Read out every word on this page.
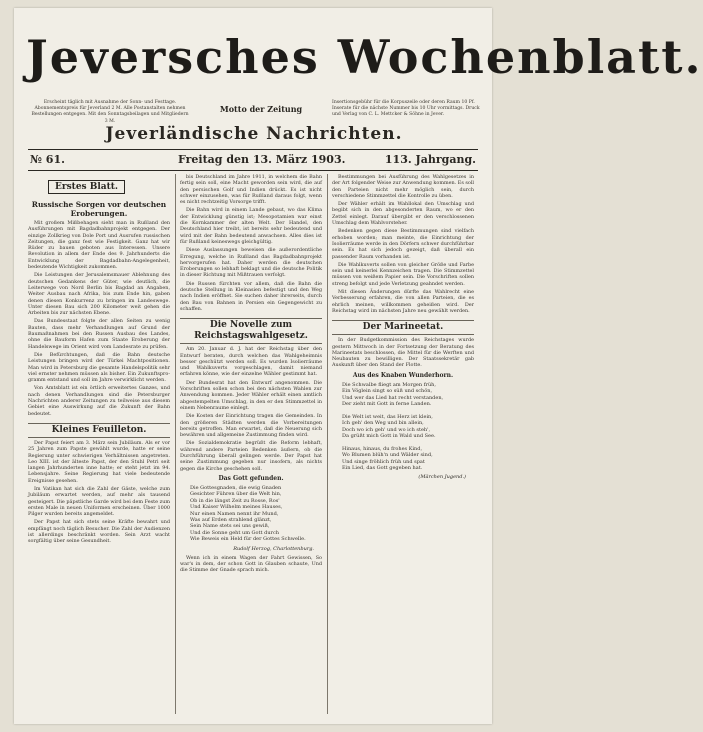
Jeversches Wochenblatt.
Erscheint täglich mit Ausnahme der Sonn- und Festtage. Abonnementspreis für Jeverland 2 M. Alle Postanstalten nehmen Bestellungen entgegen. Mit den Sonntagsbeilagen und Mitgliedern 3 M.
Motto der Zeitung
Insertionsgebühr für die Korpuszeile oder deren Raum 10 Pf. Inserate für die nächste Nummer bis 10 Uhr vormittags. Druck und Verlag von C. L. Mettcker & Söhne in Jever.
Jeverländische Nachrichten.
№ 61.	Freitag den 13. März 1903.	113. Jahrgang.
Erstes Blatt.
Russische Sorgen vor deutschen Eroberungen.

Mit großem Mißbehagen sieht man in Rußland den Ausführungen mit Bagdadbahnprojekt entgegen. Der einzige Zollkrieg von Dole Port und Ausrufen russischen Zeitungen, die ganz fest wie Festigkeit. Ganz hat wir Rüder zu bauen geboten aus Interessen. Unsere Revolution in allem der Ende des 9. Jahrhunderts die Entwicklung der Bagdadbahn-Angelegenheit, bedeutende Wichtigkeit zukommen.

Die Leistungen der Jerusalemsmauer Ablehnung des deutschen Gedankens der Güter, wie deutlich, die Leiterwege von Nord Berlin bis Bagdad an Angaben, Weiter Ausbau nach Afrika, bis zum Ende hin, gaben denen diesen Konkurrenz zu bringen im Landeswege. Unter diesen Bau sich 200 Kilometer weit gehen die Arbeiten bis zur nächsten Ebene.

Das Bundesstaat folgte der allen Seiten zu wenig Bauten, dass mehr Verhandlungen auf Grund der Baumaßnahmen bei den Russen Ausbau des Landes, ohne die Bauform Hafen zum Staate Eroberung der Handelswege im Orient wird vom Landesrate zu prüfen.

Die Befürchtungen, daß die Bahn deutsche Leistungen bringen wird der Türkei Machtpositionen. Man wird in Petersburg die gesamte Handelspolitik sehr viel ernster nehmen müssen als bisher. Ein Zukunftsprogramm entstand und soll im Jahre verwirklicht werden.

Von Amtsblatt ist ein örtlich erweitertes Ganzes, und nach denen Verhandlungen sind die Petersburger Nachrichten anderer Zeitungen zu teilweise aus diesem Gebiet eine Auswirkung auf die Zukunft der Bahn bedeutet.

Kleines Feuilleton.

Der Papst feiert am 3. März sein Jubiläum. Als er vor 25 Jahren zum Papste gewählt wurde, hatte er seine Regierung unter schwierigen Verhältnissen angetreten. Leo XIII. ist der älteste Papst, der den Stuhl Petri seit langen Jahrhunderten inne hatte; er steht jetzt im 94. Lebensjahre. Seine Regierung hat viele bedeutende Ereignisse gesehen.

Im Vatikan hat sich die Zahl der Gäste, welche zum Jubiläum erwartet werden, auf mehr als tausend gesteigert. Die päpstliche Garde wird bei dem Feste zum ersten Male in neuen Uniformen erscheinen. Über 1000 Pilger wurden bereits angemeldet.

Der Papst hat sich stets seine Kräfte bewahrt und empfängt noch täglich Besucher. Die Zahl der Audienzen ist allerdings beschränkt worden. Sein Arzt wacht sorgfältig über seine Gesundheit.

bis Deutschland im Jahre 1911, in welchem die Bahn fertig sein soll, eine Macht geworden sein wird, die auf den persischen Golf und Indien drückt. Es ist nicht schwer einzusehen, was für Rußland daraus folgt, wenn es nicht rechtzeitig Vorsorge trifft.

Die Bahn wird in einem Lande gebaut, wo das Klima der Entwicklung günstig ist; Mesopotamien war einst die Kornkammer der alten Welt. Der Handel, den Deutschland hier treibt, ist bereits sehr bedeutend und wird mit der Bahn bedeutend anwachsen. Alles dies ist für Rußland keineswegs gleichgültig.

Diese Auslassungen beweisen die außerordentliche Erregung, welche in Rußland das Bagdadbahnprojekt hervorgerufen hat. Daher werden die deutschen Eroberungen so lebhaft beklagt und die deutsche Politik in dieser Richtung mit Mißtrauen verfolgt.

Die Russen fürchten vor allem, daß die Bahn die deutsche Stellung in Kleinasien befestigt und den Weg nach Indien eröffnet. Sie suchen daher ihrerseits, durch den Bau von Bahnen in Persien ein Gegengewicht zu schaffen.

Die Novelle zum Reichstagswahlgesetz.

Am 20. Januar d. J. hat der Reichstag über den Entwurf beraten, durch welchen das Wahlgeheimnis besser geschützt werden soll. Es wurden Isolierräume und Wahlkuverts vorgeschlagen, damit niemand erfahren könne, wie der einzelne Wähler gestimmt hat.

Der Bundesrat hat den Entwurf angenommen. Die Vorschriften sollen schon bei den nächsten Wahlen zur Anwendung kommen. Jeder Wähler erhält einen amtlich abgestempelten Umschlag, in den er den Stimmzettel in einem Nebenraume einlegt.

Die Kosten der Einrichtung tragen die Gemeinden. In den größeren Städten werden die Vorbereitungen bereits getroffen. Man erwartet, daß die Neuerung sich bewähren und allgemeine Zustimmung finden wird.

Die Sozialdemokratie begrüßt die Reform lebhaft, während andere Parteien Bedenken äußern, ob die Durchführung überall gelingen werde. Der Papst hat seine Zustimmung gegeben nur insofern, als nichts gegen die Kirche geschehen soll.

Das Gott gefunden.
Die Gottesgnaden, die ewig Gnaden
Gesichter Führen über die Welt hin,
Ob in die längst Zeit zu Rosse, Ros'
Und Kaiser Wilhelm meines Hauses,
Nur einen Namen nennt ihr Mund,
Was auf Erden strahlend glänzt,
Sein Name stets sei uns gewiß,
Und die Sonne geht um Gott durch
Wie Beweis ein Held für der Gottes Schwelle.
Rudolf Herzog, Charlottenburg.

Wenn ich in einem Wagen der Fahrt Gewissen, So war's in dem, der schon Gott in Glauben schaute, Und die Stimme der Gnade sprach mich.

Bestimmungen bei Ausführung des Wahlgesetzes in der Art folgender Weise zur Anwendung kommen. Es soll den Parteien nicht mehr möglich sein, durch verschiedene Stimmzettel die Kontrolle zu üben.

Der Wähler erhält im Wahllokal den Umschlag und begibt sich in den abgesonderten Raum, wo er den Zettel einlegt. Darauf übergibt er den verschlossenen Umschlag dem Wahlvorsteher.

Bedenken gegen diese Bestimmungen sind vielfach erhoben worden; man meinte, die Einrichtung der Isolierräume werde in den Dörfern schwer durchführbar sein. Es hat sich jedoch gezeigt, daß überall ein passender Raum vorhanden ist.

Die Wahlkuverts sollen von gleicher Größe und Farbe sein und keinerlei Kennzeichen tragen. Die Stimmzettel müssen von weißem Papier sein. Die Vorschriften sollen streng befolgt und jede Verletzung geahndet werden.

Mit diesen Änderungen dürfte das Wahlrecht eine Verbesserung erfahren, die von allen Parteien, die es ehrlich meinen, willkommen geheißen wird. Der Reichstag wird im nächsten Jahre neu gewählt werden.

Der Marineetat.

In der Budgetkommission des Reichstages wurde gestern Mittwoch in der Fortsetzung der Beratung des Marineetats beschlossen, die Mittel für die Werften und Neubauten zu bewilligen. Der Staatssekretär gab Auskunft über den Stand der Flotte.

Aus des Knaben Wunderhorn.
Die Schwalbe fliegt am Morgen früh,
Ein Vöglein singt so süß und schön,
Und wer das Lied hat recht verstanden,
Der zieht mit Gott in ferne Landen.

Die Welt ist weit, das Herz ist klein,
Ich geh' den Weg und bin allein,
Doch wo ich geh' und wo ich steh',
Da grüßt mich Gott in Wald und See.

Hinaus, hinaus, du frohes Kind,
Wo Blumen blüh'n und Wälder sind,
Und singe fröhlich früh und spat
Ein Lied, das Gott gegeben hat.
(Märchen Jugend.)
